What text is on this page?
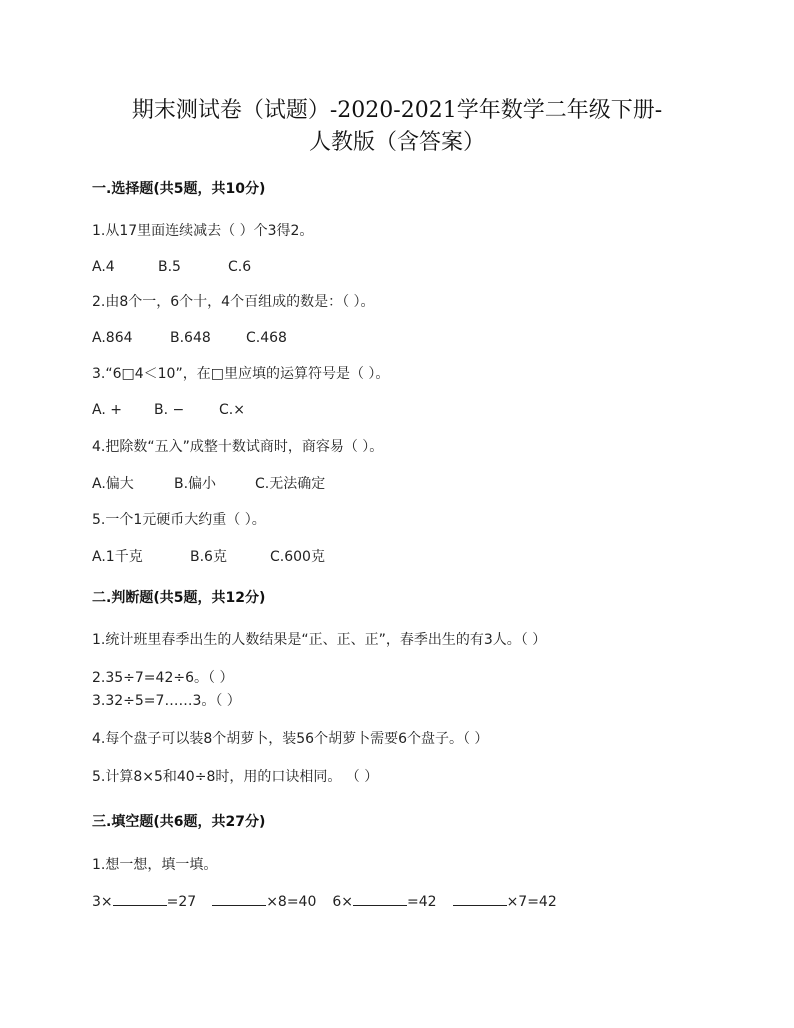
期末测试卷（试题）-2020-2021学年数学二年级下册-
人教版（含答案）
一.选择题(共5题，共10分)
1.从17里面连续减去（ ）个3得2。
A.4	B.5	C.6
2.由8个一，6个十，4个百组成的数是：（ ）。
A.864	B.648	C.468
3.“6□4＜10”，在□里应填的运算符号是（ ）。
A. + B. − C.×
4.把除数“五入”成整十数试商时，商容易（ ）。
A.偏大	B.偏小	C.无法确定
5.一个1元硬币大约重（ ）。
A.1千克	B.6克	C.600克
二.判断题(共5题，共12分)
1.统计班里春季出生的人数结果是“正、正、正”，春季出生的有3人。（ ）
2.35÷7=42÷6。（ ）
3.32÷5=7……3。（ ）
4.每个盘子可以装8个胡萝卜，装56个胡萝卜需要6个盘子。（ ）
5.计算8×5和40÷8时，用的口诀相同。 （ ）
三.填空题(共6题，共27分)
1.想一想，填一填。
3×	=27	×8=40 6×	=42	×7=42
